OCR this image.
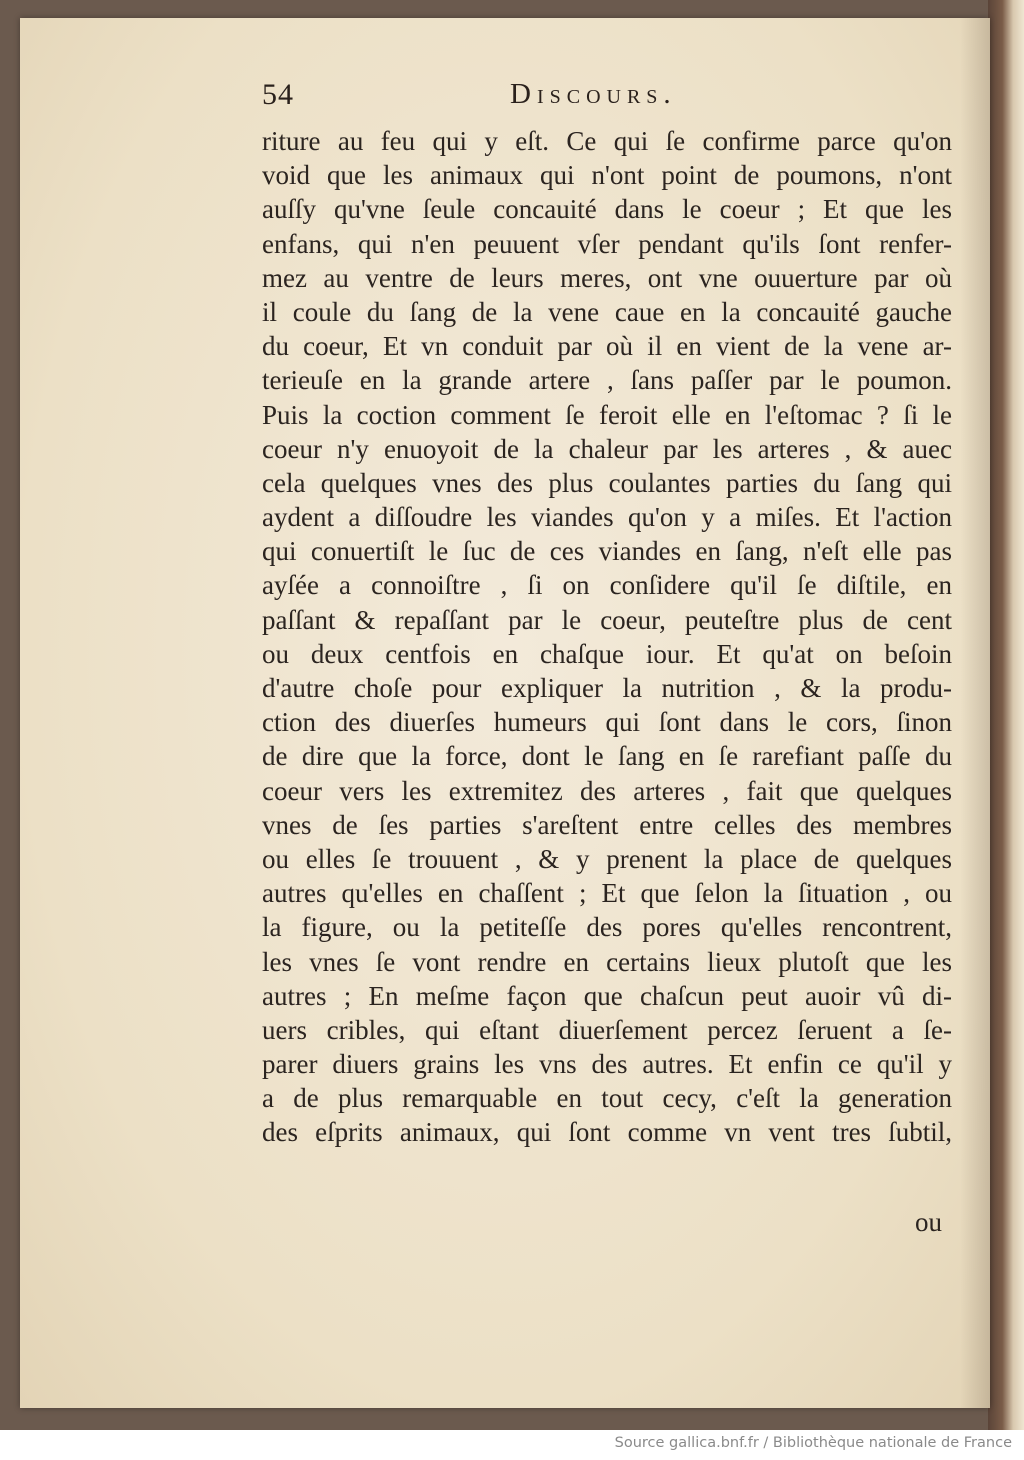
54	Discours.
riture au feu qui y eſt. Ce qui ſe confirme parce qu'on
void que les animaux qui n'ont point de poumons, n'ont
auſſy qu'vne ſeule concauité dans le coeur ; Et que les
enfans, qui n'en peuuent vſer pendant qu'ils ſont renfer-
mez au ventre de leurs meres, ont vne ouuerture par où
il coule du ſang de la vene caue en la concauité gauche
du coeur, Et vn conduit par où il en vient de la vene ar-
terieuſe en la grande artere , ſans paſſer par le poumon.
Puis la coction comment ſe feroit elle en l'eſtomac ? ſi le
coeur n'y enuoyoit de la chaleur par les arteres , & auec
cela quelques vnes des plus coulantes parties du ſang qui
aydent a diſſoudre les viandes qu'on y a miſes. Et l'action
qui conuertiſt le ſuc de ces viandes en ſang, n'eſt elle pas
ayſée a connoiſtre , ſi on conſidere qu'il ſe diſtile, en
paſſant & repaſſant par le coeur, peuteſtre plus de cent
ou deux centfois en chaſque iour. Et qu'at on beſoin
d'autre choſe pour expliquer la nutrition , & la produ-
ction des diuerſes humeurs qui ſont dans le cors, ſinon
de dire que la force, dont le ſang en ſe rarefiant paſſe du
coeur vers les extremitez des arteres , fait que quelques
vnes de ſes parties s'areſtent entre celles des membres
ou elles ſe trouuent , & y prenent la place de quelques
autres qu'elles en chaſſent ; Et que ſelon la ſituation , ou
la figure, ou la petiteſſe des pores qu'elles rencontrent,
les vnes ſe vont rendre en certains lieux plutoſt que les
autres ; En meſme façon que chaſcun peut auoir vû di-
uers cribles, qui eſtant diuerſement percez ſeruent a ſe-
parer diuers grains les vns des autres. Et enfin ce qu'il y
a de plus remarquable en tout cecy, c'eſt la generation
des eſprits animaux, qui ſont comme vn vent tres ſubtil,
ou
Source gallica.bnf.fr / Bibliothèque nationale de France
